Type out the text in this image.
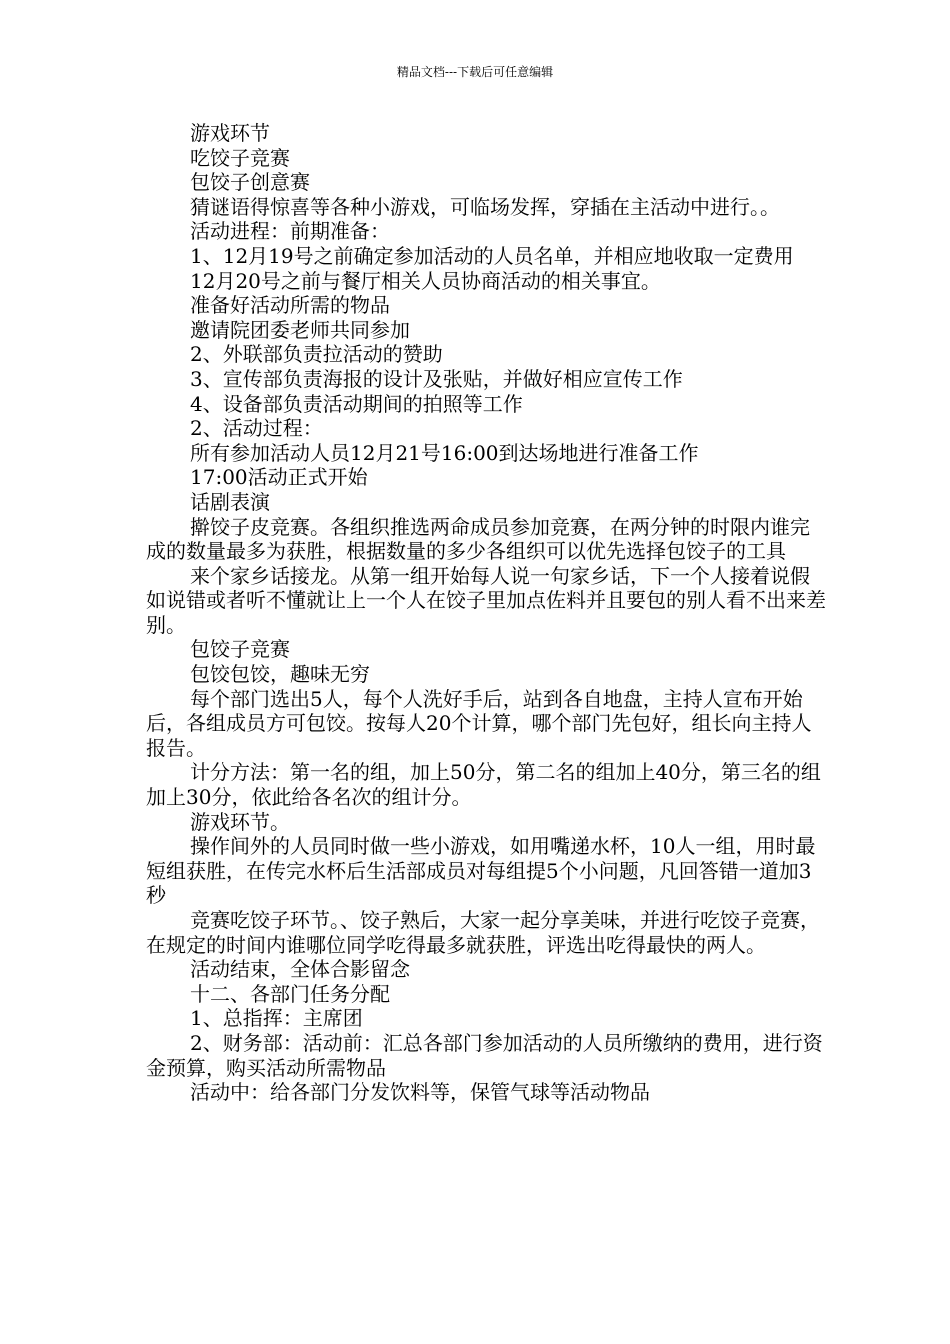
精品文档---下载后可任意编辑

游戏环节

吃饺子竞赛

包饺子创意赛

猜谜语得惊喜等各种小游戏，可临场发挥，穿插在主活动中进行。。

活动进程：前期准备：

1、12月19号之前确定参加活动的人员名单，并相应地收取一定费用

12月20号之前与餐厅相关人员协商活动的相关事宜。

准备好活动所需的物品

邀请院团委老师共同参加

2、外联部负责拉活动的赞助

3、宣传部负责海报的设计及张贴，并做好相应宣传工作

4、设备部负责活动期间的拍照等工作

2、活动过程：

所有参加活动人员12月21号16:00到达场地进行准备工作

17:00活动正式开始

话剧表演

擀饺子皮竞赛。各组织推选两命成员参加竞赛，在两分钟的时限内谁完成的数量最多为获胜，根据数量的多少各组织可以优先选择包饺子的工具

来个家乡话接龙。从第一组开始每人说一句家乡话，下一个人接着说假如说错或者听不懂就让上一个人在饺子里加点佐料并且要包的别人看不出来差别。

包饺子竞赛

包饺包饺，趣味无穷

每个部门选出5人，每个人洗好手后，站到各自地盘，主持人宣布开始后，各组成员方可包饺。按每人20个计算，哪个部门先包好，组长向主持人报告。

计分方法：第一名的组，加上50分，第二名的组加上40分，第三名的组加上30分，依此给各名次的组计分。

游戏环节。

操作间外的人员同时做一些小游戏，如用嘴递水杯，10人一组，用时最短组获胜，在传完水杯后生活部成员对每组提5个小问题，凡回答错一道加3秒

竞赛吃饺子环节。、饺子熟后，大家一起分享美味，并进行吃饺子竞赛，在规定的时间内谁哪位同学吃得最多就获胜，评选出吃得最快的两人。

活动结束，全体合影留念

十二、各部门任务分配

1、总指挥：主席团

2、财务部：活动前：汇总各部门参加活动的人员所缴纳的费用，进行资金预算，购买活动所需物品

活动中：给各部门分发饮料等，保管气球等活动物品
